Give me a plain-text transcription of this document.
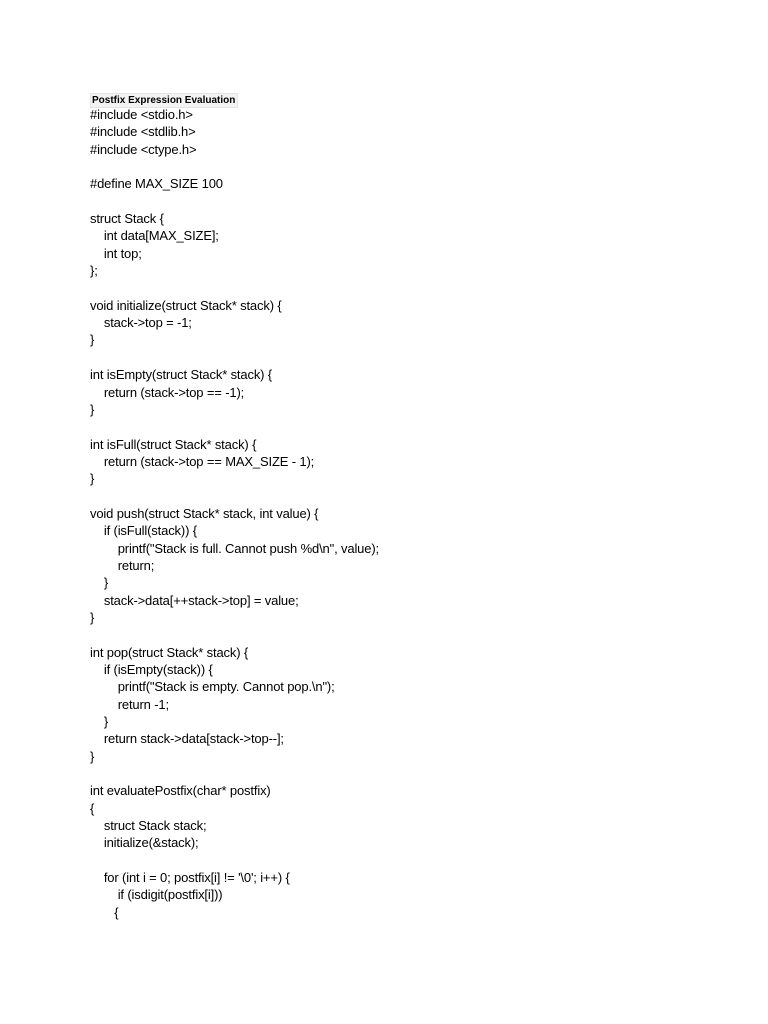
Postfix Expression Evaluation
#include <stdio.h>
#include <stdlib.h>
#include <ctype.h>
#define MAX_SIZE 100
struct Stack {
int data[MAX_SIZE];
int top;
};
void initialize(struct Stack* stack) {
stack->top = -1;
}
int isEmpty(struct Stack* stack) {
return (stack->top == -1);
}
int isFull(struct Stack* stack) {
return (stack->top == MAX_SIZE - 1);
}
void push(struct Stack* stack, int value) {
if (isFull(stack)) {
printf("Stack is full. Cannot push %d\n", value);
return;
}
stack->data[++stack->top] = value;
}
int pop(struct Stack* stack) {
if (isEmpty(stack)) {
printf("Stack is empty. Cannot pop.\n");
return -1;
}
return stack->data[stack->top--];
}
int evaluatePostfix(char* postfix)
{
struct Stack stack;
initialize(&stack);
for (int i = 0; postfix[i] != '\0'; i++) {
if (isdigit(postfix[i]))
{
